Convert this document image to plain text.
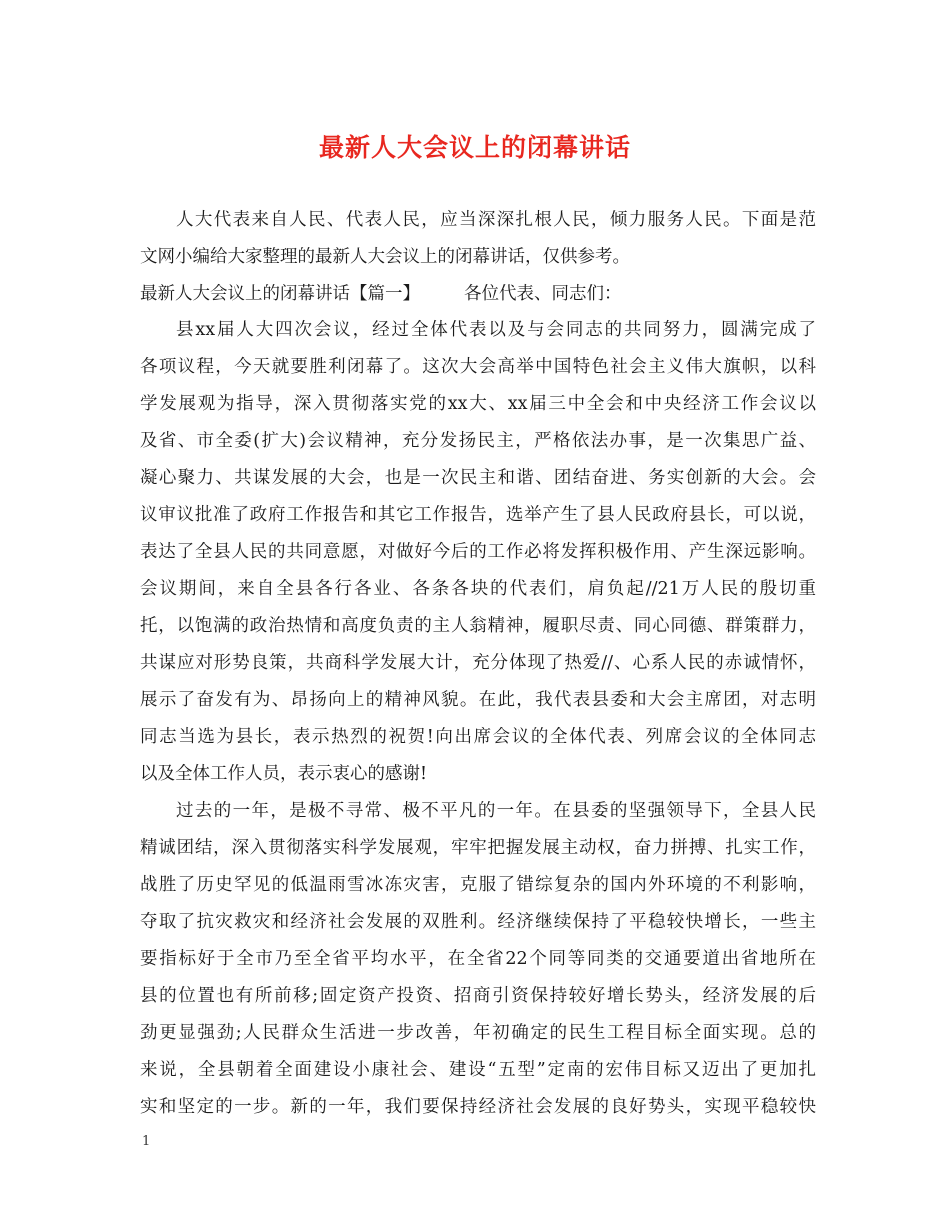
最新人大会议上的闭幕讲话
人大代表来自人民、代表人民，应当深深扎根人民，倾力服务人民。下面是范
文网小编给大家整理的最新人大会议上的闭幕讲话，仅供参考。
最新人大会议上的闭幕讲话【篇一】	各位代表、同志们：
县xx届人大四次会议，经过全体代表以及与会同志的共同努力，圆满完成了
各项议程，今天就要胜利闭幕了。这次大会高举中国特色社会主义伟大旗帜，以科
学发展观为指导，深入贯彻落实党的xx大、xx届三中全会和中央经济工作会议以
及省、市全委(扩大)会议精神，充分发扬民主，严格依法办事，是一次集思广益、
凝心聚力、共谋发展的大会，也是一次民主和谐、团结奋进、务实创新的大会。会
议审议批准了政府工作报告和其它工作报告，选举产生了县人民政府县长，可以说，
表达了全县人民的共同意愿，对做好今后的工作必将发挥积极作用、产生深远影响。
会议期间，来自全县各行各业、各条各块的代表们，肩负起//21万人民的殷切重
托，以饱满的政治热情和高度负责的主人翁精神，履职尽责、同心同德、群策群力，
共谋应对形势良策，共商科学发展大计，充分体现了热爱//、心系人民的赤诚情怀，
展示了奋发有为、昂扬向上的精神风貌。在此，我代表县委和大会主席团，对志明
同志当选为县长，表示热烈的祝贺!向出席会议的全体代表、列席会议的全体同志
以及全体工作人员，表示衷心的感谢!
过去的一年，是极不寻常、极不平凡的一年。在县委的坚强领导下，全县人民
精诚团结，深入贯彻落实科学发展观，牢牢把握发展主动权，奋力拼搏、扎实工作，
战胜了历史罕见的低温雨雪冰冻灾害，克服了错综复杂的国内外环境的不利影响，
夺取了抗灾救灾和经济社会发展的双胜利。经济继续保持了平稳较快增长，一些主
要指标好于全市乃至全省平均水平，在全省22个同等同类的交通要道出省地所在
县的位置也有所前移;固定资产投资、招商引资保持较好增长势头，经济发展的后
劲更显强劲;人民群众生活进一步改善，年初确定的民生工程目标全面实现。总的
来说，全县朝着全面建设小康社会、建设“五型”定南的宏伟目标又迈出了更加扎
实和坚定的一步。新的一年，我们要保持经济社会发展的良好势头，实现平稳较快
1
